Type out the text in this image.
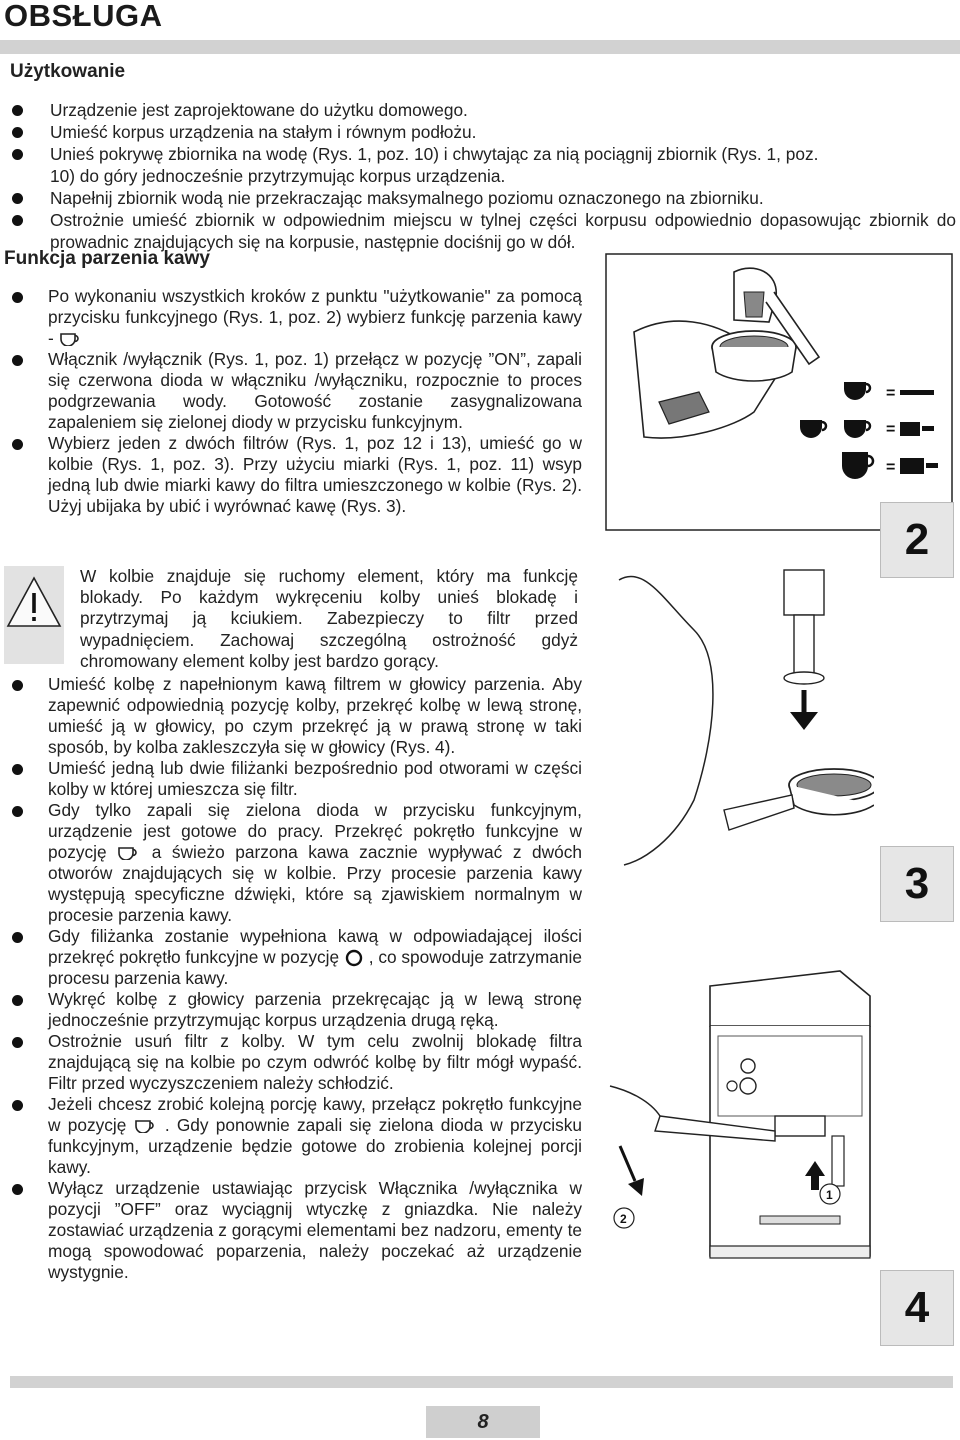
OBSŁUGA
Użytkowanie

Urządzenie jest zaprojektowane do użytku domowego.

Umieść korpus urządzenia na stałym i równym podłożu.

Unieś pokrywę zbiornika na wodę (Rys. 1, poz. 10) i chwytając za nią pociągnij zbiornik (Rys. 1, poz. 10) do góry jednocześnie przytrzymując korpus urządzenia.

Napełnij zbiornik wodą nie przekraczając maksymalnego poziomu oznaczonego na zbiorniku.

Ostrożnie umieść zbiornik w odpowiednim miejscu w tylnej części korpusu odpowiednio dopasowując zbiornik do prowadnic znajdujących się na korpusie, następnie dociśnij go w dół.

Funkcja parzenia kawy

Po wykonaniu wszystkich kroków z punktu "użytkowanie" za pomocą przycisku funkcyjnego (Rys. 1, poz. 2) wybierz funkcję parzenia kawy -

Włącznik /wyłącznik (Rys. 1, poz. 1) przełącz w pozycję ”ON”, zapali się czerwona dioda w włączniku /wyłączniku, rozpocznie to proces podgrzewania wody. Gotowość zostanie zasygnalizowana zapaleniem się zielonej diody w przycisku funkcyjnym.

Wybierz jeden z dwóch filtrów (Rys. 1, poz 12 i 13), umieść go w kolbie (Rys. 1, poz. 3). Przy użyciu miarki (Rys. 1, poz. 11) wsyp jedną lub dwie miarki kawy do filtra umieszczonego w kolbie (Rys. 2). Użyj ubijaka by ubić i wyrównać kawę (Rys. 3).

W kolbie znajduje się ruchomy element, który ma funkcję blokady. Po każdym wykręceniu kolby unieś blokadę i przytrzymaj ją kciukiem. Zabezpieczy to filtr przed wypadnięciem. Zachowaj szczególną ostrożność gdyż chromowany element kolby jest bardzo gorący.

Umieść kolbę z napełnionym kawą filtrem w głowicy parzenia. Aby zapewnić odpowiednią pozycję kolby, przekręć kolbę w lewą stronę, umieść ją w głowicy, po czym przekręć ją w prawą stronę w taki sposób, by kolba zakleszczyła się w głowicy (Rys. 4).

Umieść jedną lub dwie filiżanki bezpośrednio pod otworami w części kolby w której umieszcza się filtr.

Gdy tylko zapali się zielona dioda w przycisku funkcyjnym, urządzenie jest gotowe do pracy. Przekręć pokrętło funkcyjne w pozycję	a świeżo parzona kawa zacznie wypływać z dwóch otworów znajdujących się w kolbie. Przy procesie parzenia kawy występują specyficzne dźwięki, które są zjawiskiem normalnym w procesie parzenia kawy.

Gdy filiżanka zostanie wypełniona kawą w odpowiadającej ilości przekręć pokrętło funkcyjne w pozycję , co spowoduje zatrzymanie procesu parzenia kawy.

Wykręć kolbę z głowicy parzenia przekręcając ją w lewą stronę jednocześnie przytrzymując korpus urządzenia drugą ręką.

Ostrożnie usuń filtr z kolby. W tym celu zwolnij blokadę filtra znajdującą się na kolbie po czym odwróć kolbę by filtr mógł wypaść. Filtr przed wyczyszczeniem należy schłodzić.

Jeżeli chcesz zrobić kolejną porcję kawy, przełącz pokrętło funkcyjne w pozycję . Gdy ponownie zapali się zielona dioda w przycisku funkcyjnym, urządzenie będzie gotowe do zrobienia kolejnej porcji kawy.

Wyłącz urządzenie ustawiając przycisk Włącznika /wyłącznika w pozycji ”OFF” oraz wyciągnij wtyczkę z gniazdka. Nie należy zostawiać urządzenia z gorącymi elementami bez nadzoru, ementy te mogą spowodować poparzenia, należy poczekać aż urządzenie wystygnie.

=
=
=
2
3
1
2
4
8
